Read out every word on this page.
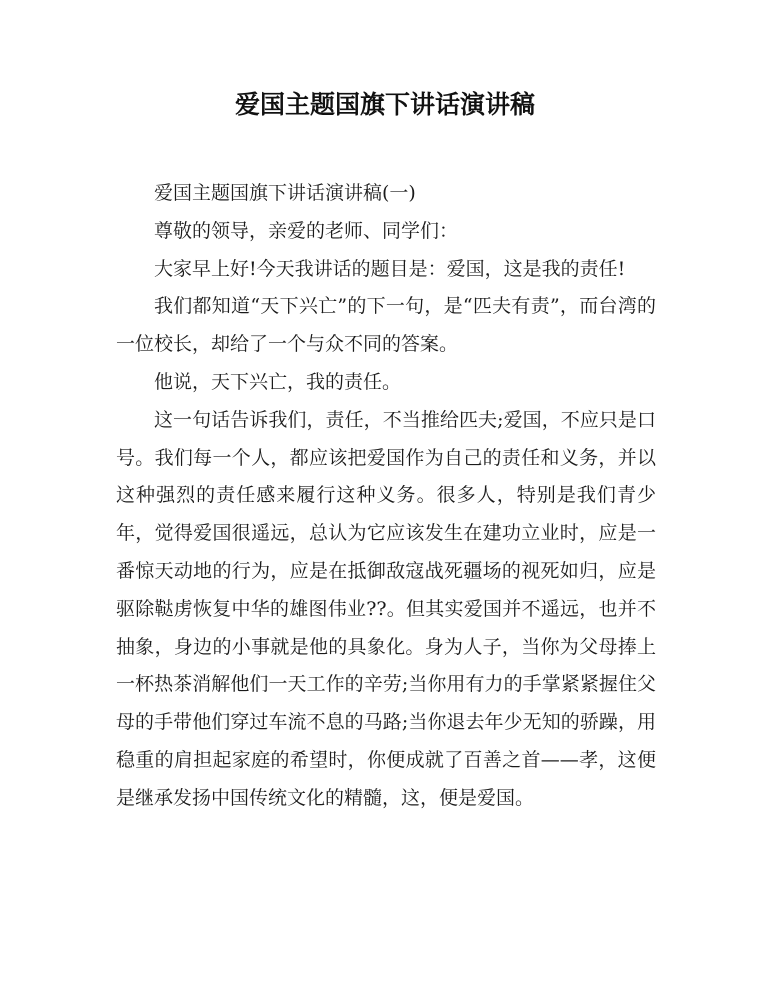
爱国主题国旗下讲话演讲稿

爱国主题国旗下讲话演讲稿(一)

尊敬的领导，亲爱的老师、同学们：

大家早上好!今天我讲话的题目是：爱国，这是我的责任!

我们都知道“天下兴亡”的下一句，是“匹夫有责”，而台湾的一位校长，却给了一个与众不同的答案。

他说，天下兴亡，我的责任。

这一句话告诉我们，责任，不当推给匹夫;爱国，不应只是口号。我们每一个人，都应该把爱国作为自己的责任和义务，并以这种强烈的责任感来履行这种义务。很多人，特别是我们青少年，觉得爱国很遥远，总认为它应该发生在建功立业时，应是一番惊天动地的行为，应是在抵御敌寇战死疆场的视死如归，应是驱除鞑虏恢复中华的雄图伟业??。但其实爱国并不遥远，也并不抽象，身边的小事就是他的具象化。身为人子，当你为父母捧上一杯热茶消解他们一天工作的辛劳;当你用有力的手掌紧紧握住父母的手带他们穿过车流不息的马路;当你退去年少无知的骄躁，用稳重的肩担起家庭的希望时，你便成就了百善之首——孝，这便是继承发扬中国传统文化的精髓，这，便是爱国。
